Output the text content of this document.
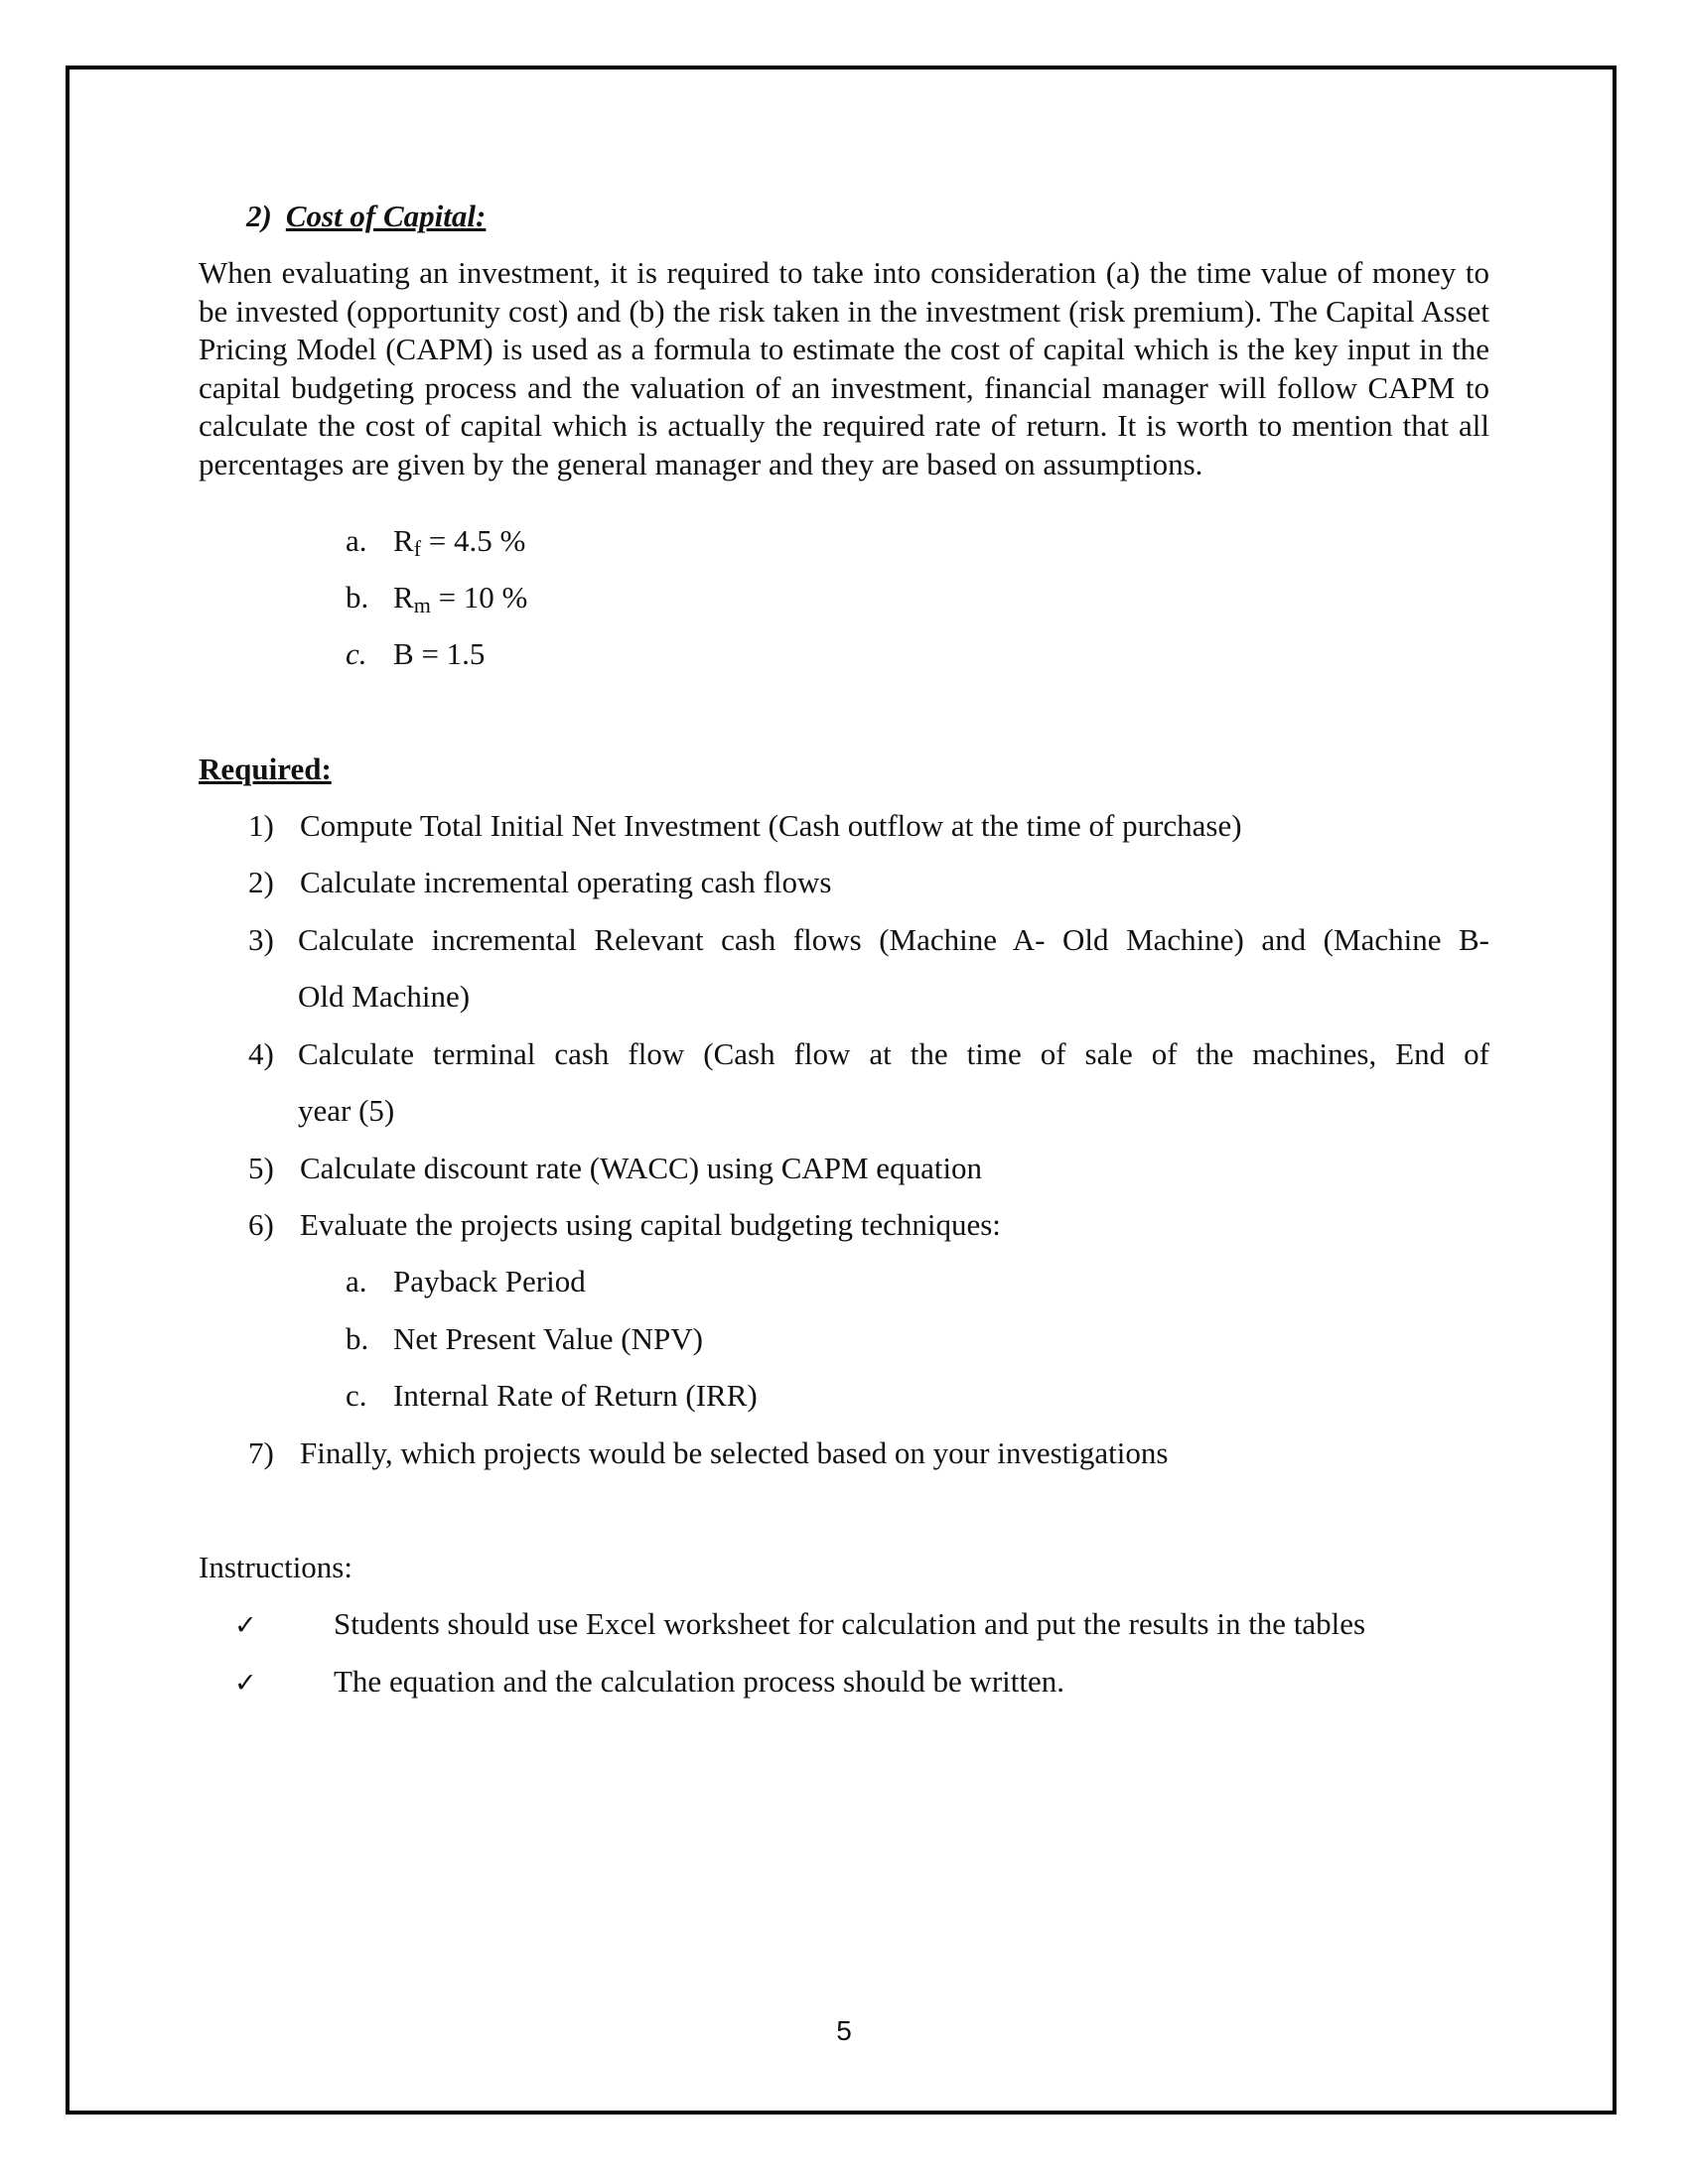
2) Cost of Capital:
When evaluating an investment, it is required to take into consideration (a) the time value of money to be invested (opportunity cost) and (b) the risk taken in the investment (risk premium). The Capital Asset Pricing Model (CAPM) is used as a formula to estimate the cost of capital which is the key input in the capital budgeting process and the valuation of an investment, financial manager will follow CAPM to calculate the cost of capital which is actually the required rate of return. It is worth to mention that all percentages are given by the general manager and they are based on assumptions.
a. $R_f = 4.5$ %
b. $R_m = 10$ %
c. B = 1.5
Required:
1) Compute Total Initial Net Investment (Cash outflow at the time of purchase)
2) Calculate incremental operating cash flows
3) Calculate incremental Relevant cash flows (Machine A- Old Machine) and (Machine B-
Old Machine)
4) Calculate terminal cash flow (Cash flow at the time of sale of the machines, End of
year (5)
5) Calculate discount rate (WACC) using CAPM equation
6) Evaluate the projects using capital budgeting techniques:
a. Payback Period
b. Net Present Value (NPV)
c. Internal Rate of Return (IRR)
7) Finally, which projects would be selected based on your investigations
Instructions:
✓ Students should use Excel worksheet for calculation and put the results in the tables
✓ The equation and the calculation process should be written.
5
